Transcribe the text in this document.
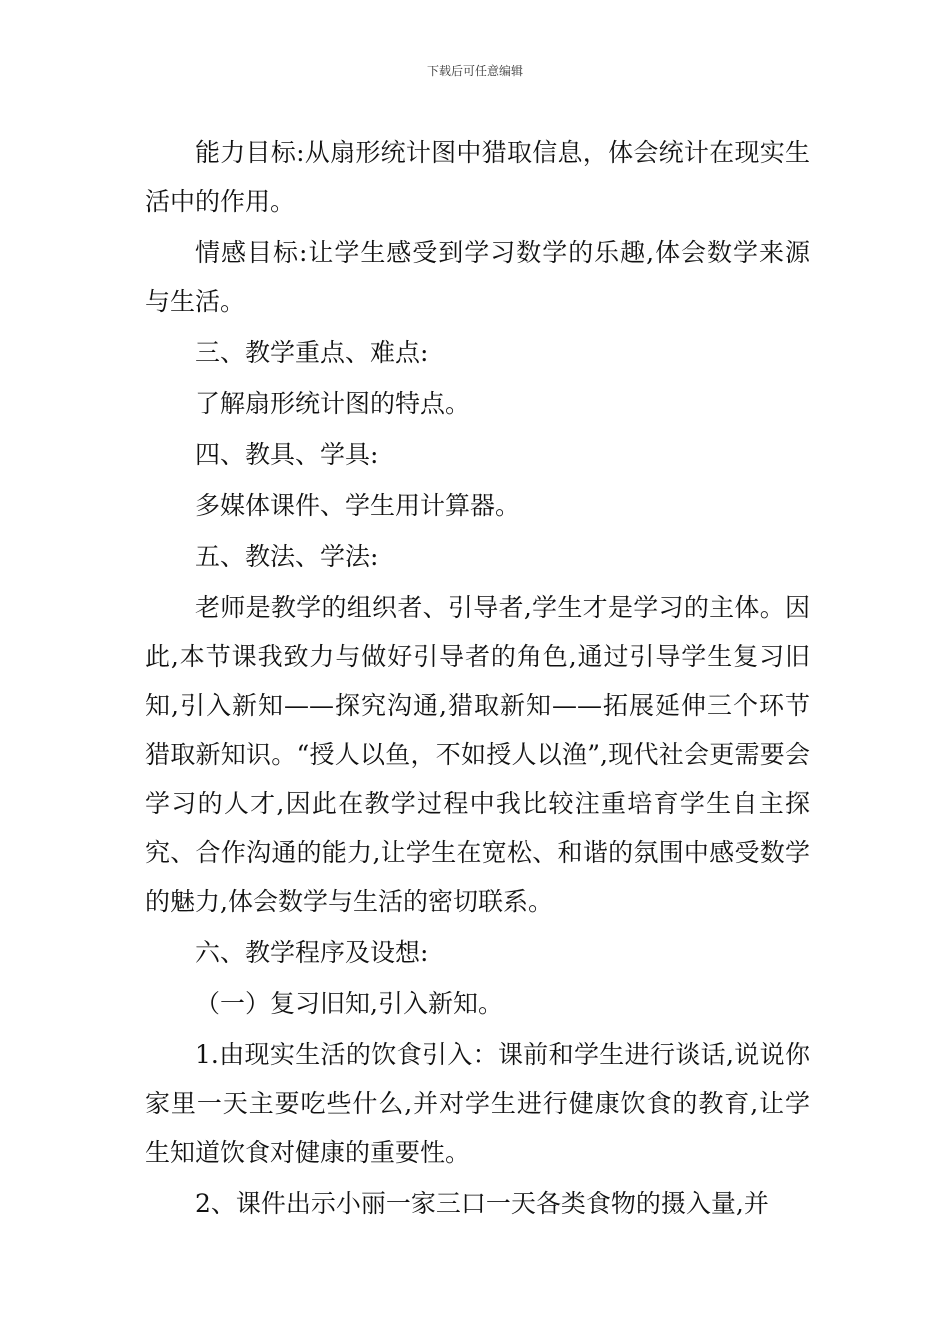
下载后可任意编辑

能力目标:从扇形统计图中猎取信息，体会统计在现实生活中的作用。

情感目标:让学生感受到学习数学的乐趣,体会数学来源与生活。

三、教学重点、难点:

了解扇形统计图的特点。

四、教具、学具:

多媒体课件、学生用计算器。

五、教法、学法:

老师是教学的组织者、引导者,学生才是学习的主体。因此,本节课我致力与做好引导者的角色,通过引导学生复习旧知,引入新知——探究沟通,猎取新知——拓展延伸三个环节猎取新知识。“授人以鱼，不如授人以渔”,现代社会更需要会学习的人才,因此在教学过程中我比较注重培育学生自主探究、合作沟通的能力,让学生在宽松、和谐的氛围中感受数学的魅力,体会数学与生活的密切联系。

六、教学程序及设想:

（一）复习旧知,引入新知。

1.由现实生活的饮食引入：课前和学生进行谈话,说说你家里一天主要吃些什么,并对学生进行健康饮食的教育,让学生知道饮食对健康的重要性。

2、课件出示小丽一家三口一天各类食物的摄入量,并
